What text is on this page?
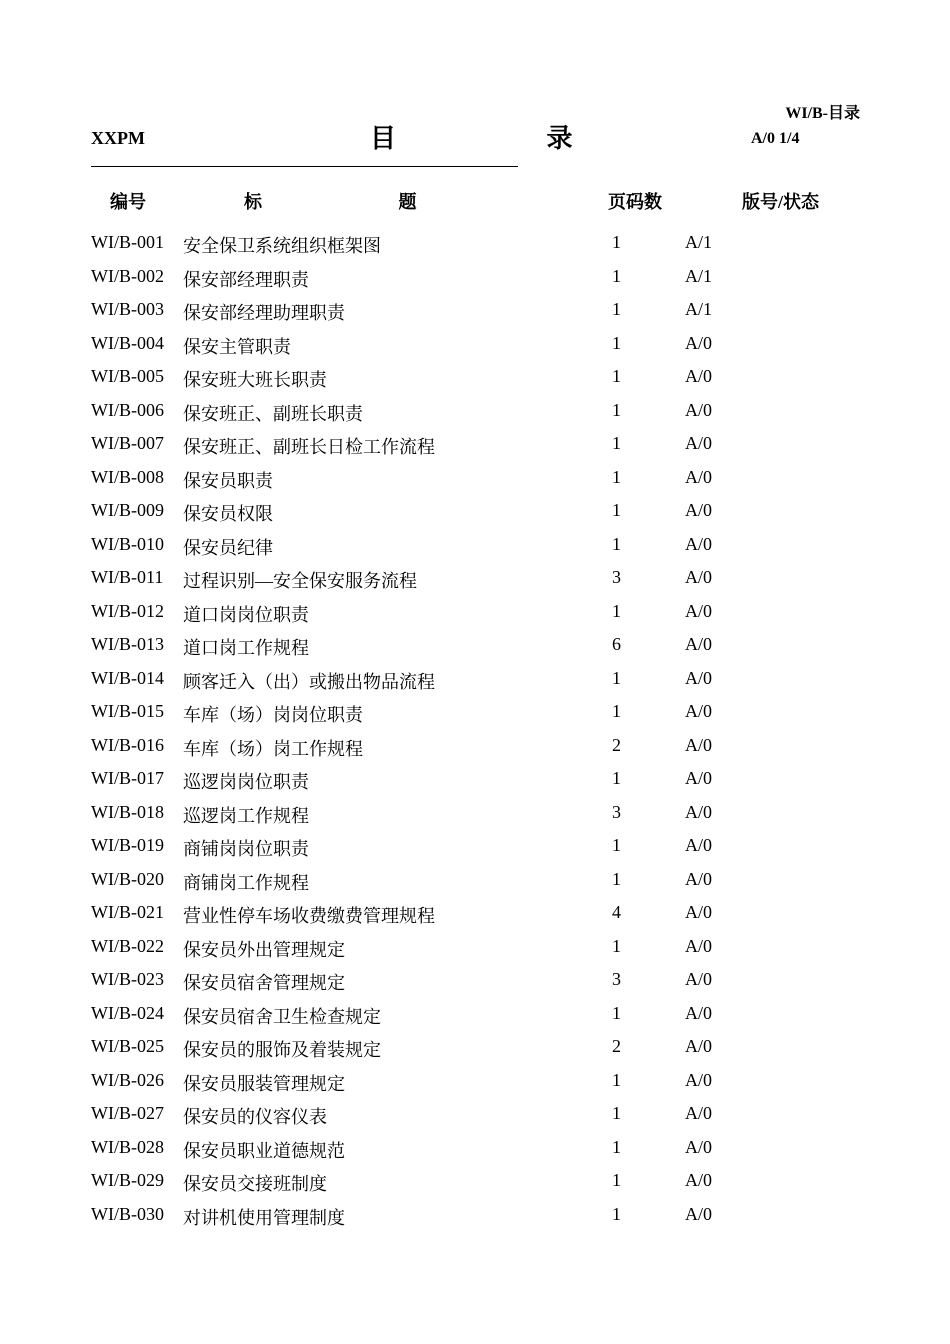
WI/B-目录
XXPM	目 录	A/0 1/4
编号	标 题	页码数	版号/状态
WI/B-001 安全保卫系统组织框架图	1	A/1
WI/B-002 保安部经理职责	1	A/1
WI/B-003 保安部经理助理职责	1	A/1
WI/B-004 保安主管职责	1	A/0
WI/B-005 保安班大班长职责	1	A/0
WI/B-006 保安班正、副班长职责	1	A/0
WI/B-007 保安班正、副班长日检工作流程	1	A/0
WI/B-008 保安员职责	1	A/0
WI/B-009 保安员权限	1	A/0
WI/B-010 保安员纪律	1	A/0
WI/B-011 过程识别—安全保安服务流程	3	A/0
WI/B-012 道口岗岗位职责	1	A/0
WI/B-013 道口岗工作规程	6	A/0
WI/B-014 顾客迁入（出）或搬出物品流程	1	A/0
WI/B-015 车库（场）岗岗位职责	1	A/0
WI/B-016 车库（场）岗工作规程	2	A/0
WI/B-017 巡逻岗岗位职责	1	A/0
WI/B-018 巡逻岗工作规程	3	A/0
WI/B-019 商铺岗岗位职责	1	A/0
WI/B-020 商铺岗工作规程	1	A/0
WI/B-021 营业性停车场收费缴费管理规程	4	A/0
WI/B-022 保安员外出管理规定	1	A/0
WI/B-023 保安员宿舍管理规定	3	A/0
WI/B-024 保安员宿舍卫生检查规定	1	A/0
WI/B-025 保安员的服饰及着装规定	2	A/0
WI/B-026 保安员服装管理规定	1	A/0
WI/B-027 保安员的仪容仪表	1	A/0
WI/B-028 保安员职业道德规范	1	A/0
WI/B-029 保安员交接班制度	1	A/0
WI/B-030 对讲机使用管理制度	1	A/0
